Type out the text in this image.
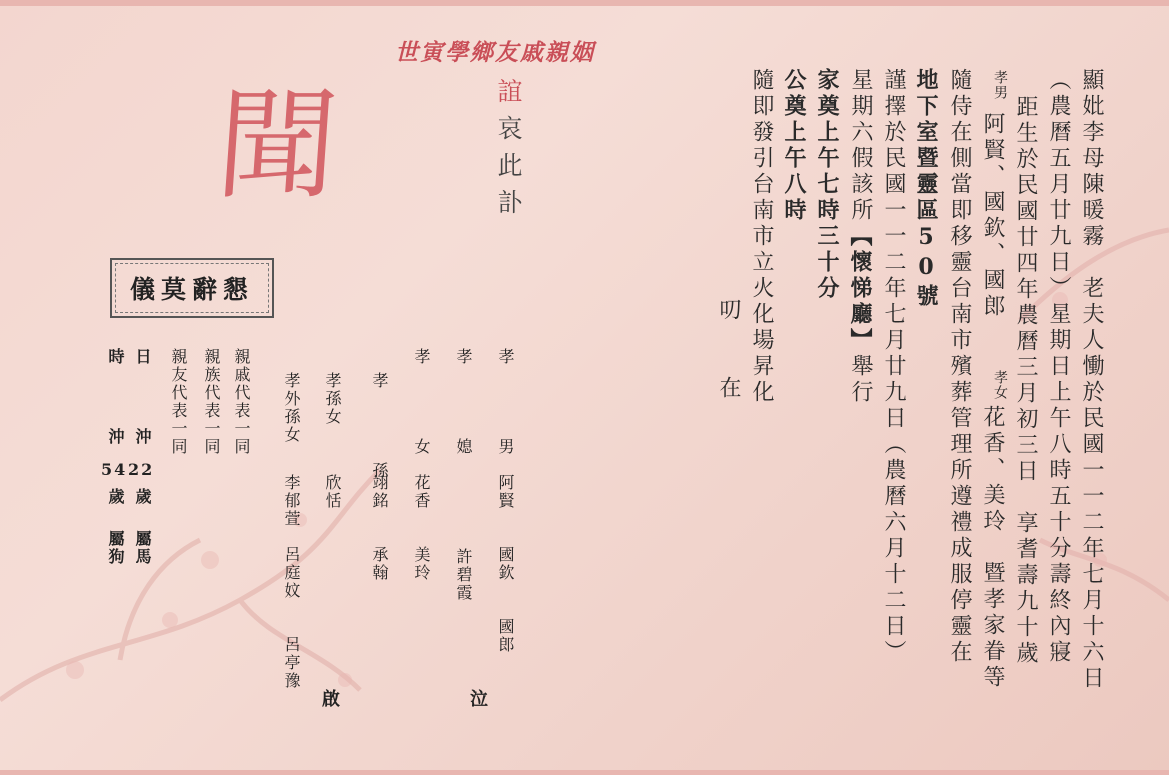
世寅學鄉友戚親姻
聞	誼哀此訃
儀莫辭懇	顯妣李母陳暖霧　老夫人慟於民國一一二年七月十六日
（農曆五月廿九日）星期日上午八時五十分壽終內寢
距生於民國廿四年農曆三月初三日　享耆壽九十歲
孝男
阿賢、國欽、國郎
孝女
花香、美玲　暨孝家眷等
隨侍在側當即移靈台南市殯葬管理所遵禮成服停靈在
地下室暨靈區50號
謹擇於民國一一二年七月廿九日（農曆六月十二日）
星期六假該所【懷悌廳】舉行
家奠上午七時三十分
公奠上午八時
隨即發引台南市立火化場昇化
叨　　在
孝　　　　男
阿賢　　國欽　　國郎
孝　　　　媳
許碧霞
孝　　　　女
花香　　美玲
孝　　　　孫
翊銘　　承翰
孝孫女
欣恬
孝外孫女
李郁萱　呂庭妏　　呂亭豫
親戚代表一同
親族代表一同
親友代表一同
日
沖
22
歲
屬馬
時
沖
54
歲
屬狗
泣
啟
